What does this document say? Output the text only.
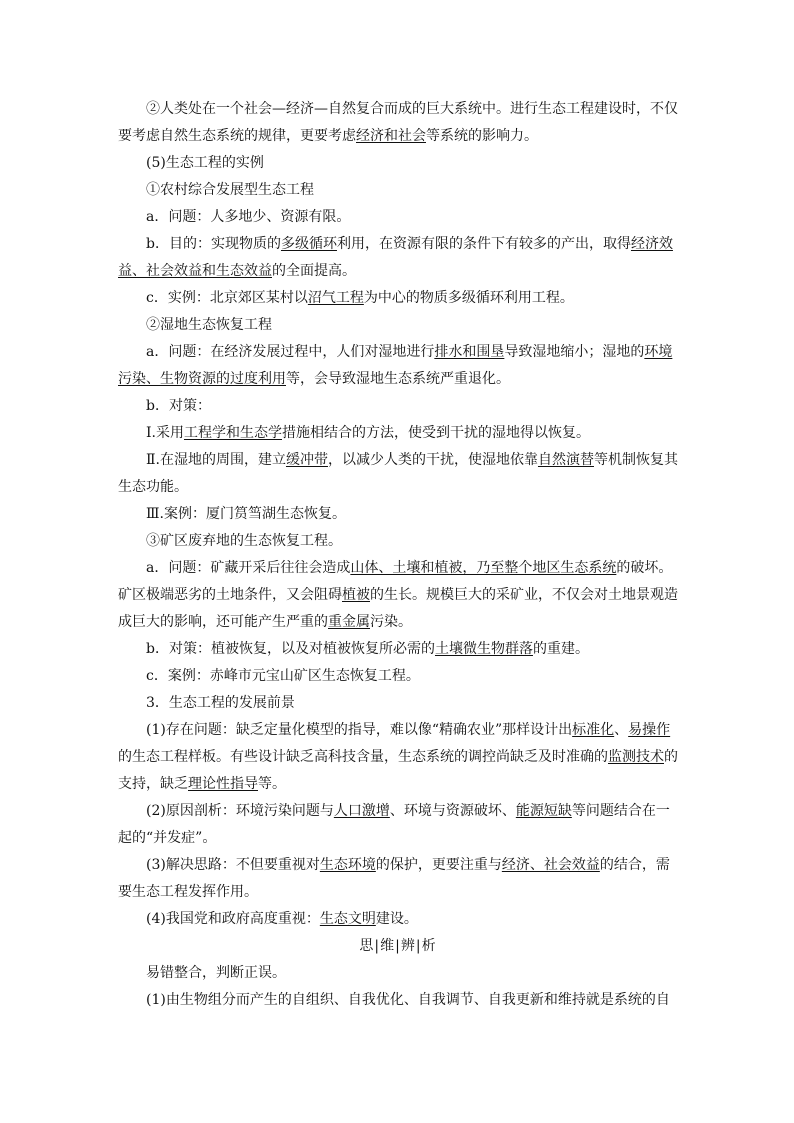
②人类处在一个社会—经济—自然复合而成的巨大系统中。进行生态工程建设时，不仅要考虑自然生态系统的规律，更要考虑经济和社会等系统的影响力。

(5)生态工程的实例

①农村综合发展型生态工程

a．问题：人多地少、资源有限。

b．目的：实现物质的多级循环利用，在资源有限的条件下有较多的产出，取得经济效益、社会效益和生态效益的全面提高。

c．实例：北京郊区某村以沼气工程为中心的物质多级循环利用工程。

②湿地生态恢复工程

a．问题：在经济发展过程中，人们对湿地进行排水和围垦导致湿地缩小；湿地的环境污染、生物资源的过度利用等，会导致湿地生态系统严重退化。

b．对策：

Ⅰ.采用工程学和生态学措施相结合的方法，使受到干扰的湿地得以恢复。

Ⅱ.在湿地的周围，建立缓冲带，以减少人类的干扰，使湿地依靠自然演替等机制恢复其生态功能。

Ⅲ.案例：厦门筼筜湖生态恢复。

③矿区废弃地的生态恢复工程。

a．问题：矿藏开采后往往会造成山体、土壤和植被，乃至整个地区生态系统的破坏。矿区极端恶劣的土地条件，又会阻碍植被的生长。规模巨大的采矿业，不仅会对土地景观造成巨大的影响，还可能产生严重的重金属污染。

b．对策：植被恢复，以及对植被恢复所必需的土壤微生物群落的重建。

c．案例：赤峰市元宝山矿区生态恢复工程。

3．生态工程的发展前景

(1)存在问题：缺乏定量化模型的指导，难以像“精确农业”那样设计出标准化、易操作的生态工程样板。有些设计缺乏高科技含量，生态系统的调控尚缺乏及时准确的监测技术的支持，缺乏理论性指导等。

(2)原因剖析：环境污染问题与人口激增、环境与资源破坏、能源短缺等问题结合在一起的“并发症”。

(3)解决思路：不但要重视对生态环境的保护，更要注重与经济、社会效益的结合，需要生态工程发挥作用。

(4)我国党和政府高度重视：生态文明建设。

思|维|辨|析

易错整合，判断正误。

(1)由生物组分而产生的自组织、自我优化、自我调节、自我更新和维持就是系统的自
